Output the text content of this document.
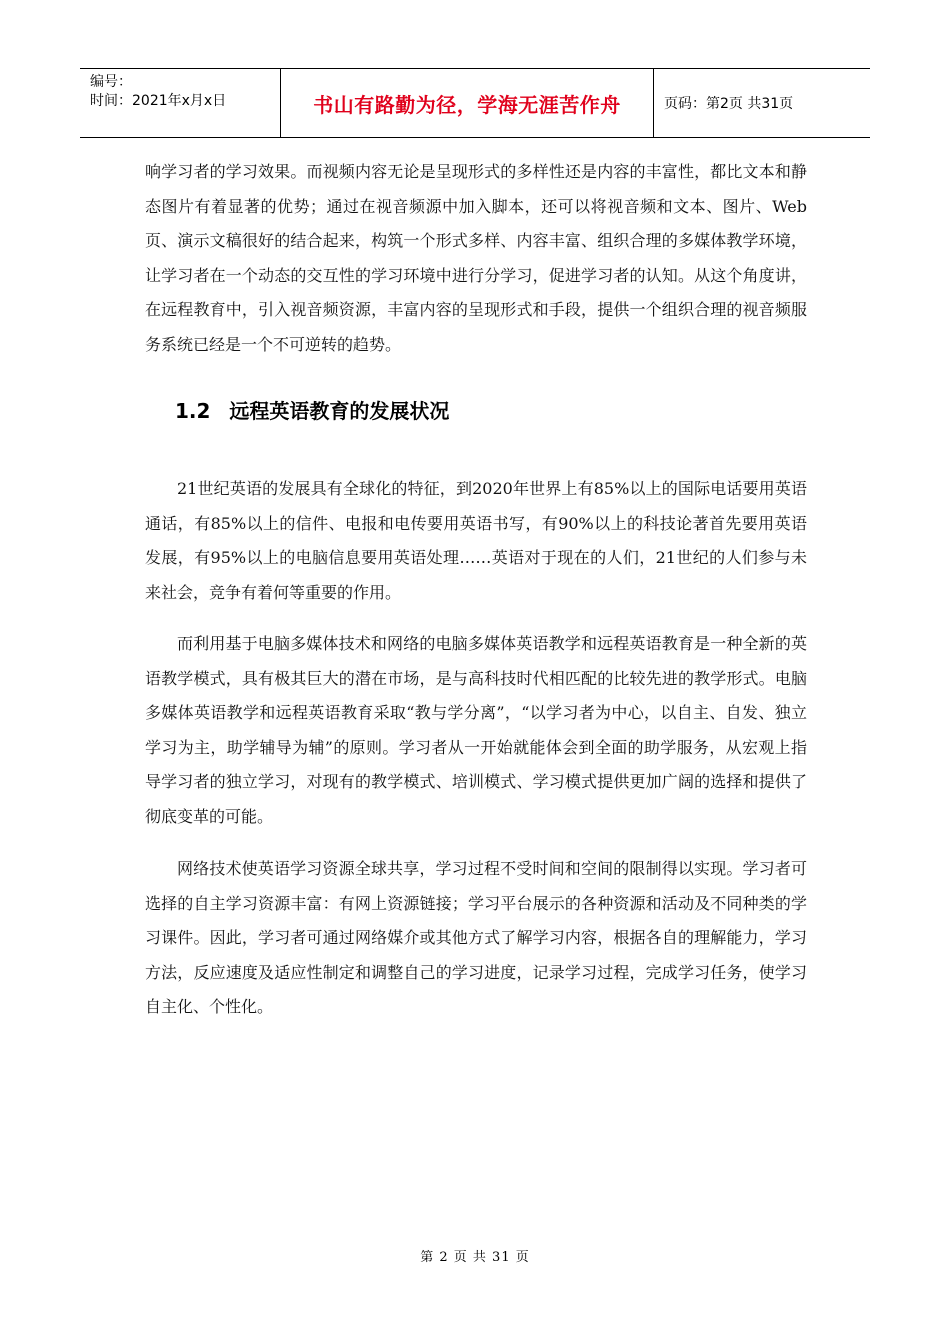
编号：
时间：2021年x月x日	书山有路勤为径，学海无涯苦作舟	页码：第2页 共31页

响学习者的学习效果。而视频内容无论是呈现形式的多样性还是内容的丰富性，都比文本和静态图片有着显著的优势；通过在视音频源中加入脚本，还可以将视音频和文本、图片、Web页、演示文稿很好的结合起来，构筑一个形式多样、内容丰富、组织合理的多媒体教学环境，让学习者在一个动态的交互性的学习环境中进行分学习，促进学习者的认知。从这个角度讲，在远程教育中，引入视音频资源，丰富内容的呈现形式和手段，提供一个组织合理的视音频服务系统已经是一个不可逆转的趋势。

1.2 远程英语教育的发展状况

21世纪英语的发展具有全球化的特征，到2020年世界上有85%以上的国际电话要用英语通话，有85%以上的信件、电报和电传要用英语书写，有90%以上的科技论著首先要用英语发展，有95%以上的电脑信息要用英语处理……英语对于现在的人们，21世纪的人们参与未来社会，竞争有着何等重要的作用。

而利用基于电脑多媒体技术和网络的电脑多媒体英语教学和远程英语教育是一种全新的英语教学模式，具有极其巨大的潜在市场，是与高科技时代相匹配的比较先进的教学形式。电脑多媒体英语教学和远程英语教育采取“教与学分离”，“以学习者为中心，以自主、自发、独立学习为主，助学辅导为辅”的原则。学习者从一开始就能体会到全面的助学服务，从宏观上指导学习者的独立学习，对现有的教学模式、培训模式、学习模式提供更加广阔的选择和提供了彻底变革的可能。

网络技术使英语学习资源全球共享，学习过程不受时间和空间的限制得以实现。学习者可选择的自主学习资源丰富：有网上资源链接；学习平台展示的各种资源和活动及不同种类的学习课件。因此，学习者可通过网络媒介或其他方式了解学习内容，根据各自的理解能力，学习方法，反应速度及适应性制定和调整自己的学习进度，记录学习过程，完成学习任务，使学习自主化、个性化。

第 2 页 共 31 页
